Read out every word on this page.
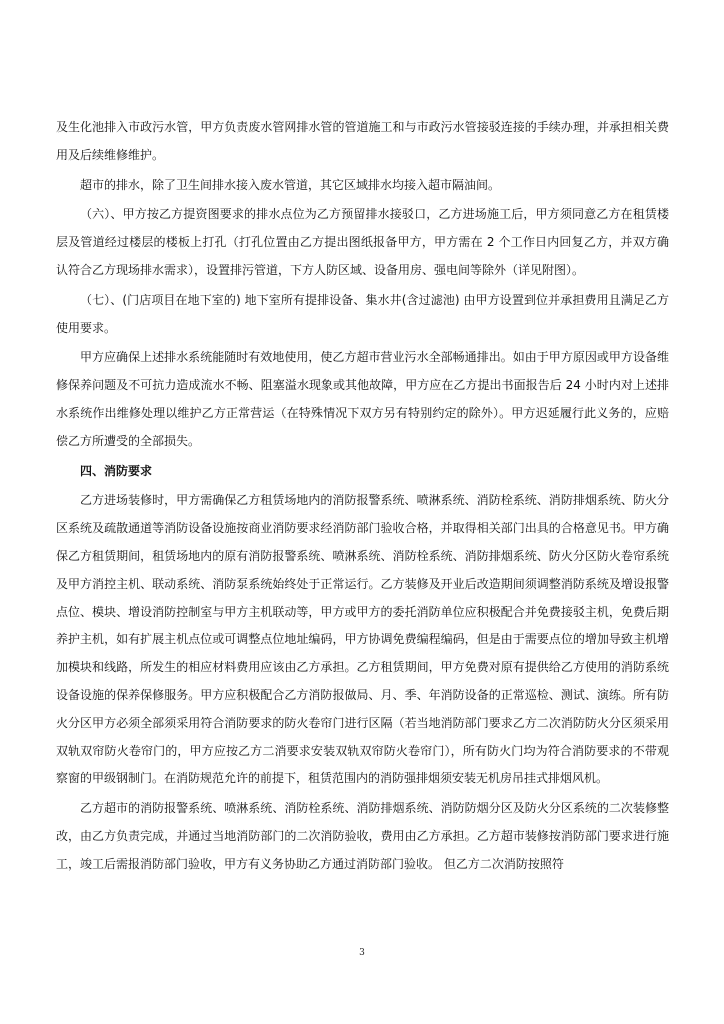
及生化池排入市政污水管，甲方负责废水管网排水管的管道施工和与市政污水管接驳连接的手续办理，并承担相关费用及后续维修维护。

超市的排水，除了卫生间排水接入废水管道，其它区域排水均接入超市隔油间。

（六）、甲方按乙方提资图要求的排水点位为乙方预留排水接驳口，乙方进场施工后，甲方须同意乙方在租赁楼层及管道经过楼层的楼板上打孔（打孔位置由乙方提出图纸报备甲方，甲方需在 2 个工作日内回复乙方，并双方确认符合乙方现场排水需求），设置排污管道，下方人防区域、设备用房、强电间等除外（详见附图）。

（七）、(门店项目在地下室的) 地下室所有提排设备、集水井(含过滤池) 由甲方设置到位并承担费用且满足乙方使用要求。

甲方应确保上述排水系统能随时有效地使用，使乙方超市营业污水全部畅通排出。如由于甲方原因或甲方设备维修保养问题及不可抗力造成流水不畅、阻塞溢水现象或其他故障，甲方应在乙方提出书面报告后 24 小时内对上述排水系统作出维修处理以维护乙方正常营运（在特殊情况下双方另有特别约定的除外）。甲方迟延履行此义务的，应赔偿乙方所遭受的全部损失。

四、消防要求

乙方进场装修时，甲方需确保乙方租赁场地内的消防报警系统、喷淋系统、消防栓系统、消防排烟系统、防火分区系统及疏散通道等消防设备设施按商业消防要求经消防部门验收合格，并取得相关部门出具的合格意见书。甲方确保乙方租赁期间，租赁场地内的原有消防报警系统、喷淋系统、消防栓系统、消防排烟系统、防火分区防火卷帘系统及甲方消控主机、联动系统、消防泵系统始终处于正常运行。乙方装修及开业后改造期间须调整消防系统及增设报警点位、模块、增设消防控制室与甲方主机联动等，甲方或甲方的委托消防单位应积极配合并免费接驳主机，免费后期养护主机，如有扩展主机点位或可调整点位地址编码，甲方协调免费编程编码，但是由于需要点位的增加导致主机增加模块和线路，所发生的相应材料费用应该由乙方承担。乙方租赁期间，甲方免费对原有提供给乙方使用的消防系统设备设施的保养保修服务。甲方应积极配合乙方消防报做局、月、季、年消防设备的正常巡检、测试、演练。所有防火分区甲方必须全部须采用符合消防要求的防火卷帘门进行区隔（若当地消防部门要求乙方二次消防防火分区须采用双轨双帘防火卷帘门的，甲方应按乙方二消要求安装双轨双帘防火卷帘门），所有防火门均为符合消防要求的不带观察窗的甲级钢制门。在消防规范允许的前提下，租赁范围内的消防强排烟须安装无机房吊挂式排烟风机。

乙方超市的消防报警系统、喷淋系统、消防栓系统、消防排烟系统、消防防烟分区及防火分区系统的二次装修整改，由乙方负责完成，并通过当地消防部门的二次消防验收，费用由乙方承担。乙方超市装修按消防部门要求进行施工，竣工后需报消防部门验收，甲方有义务协助乙方通过消防部门验收。 但乙方二次消防按照符

3
